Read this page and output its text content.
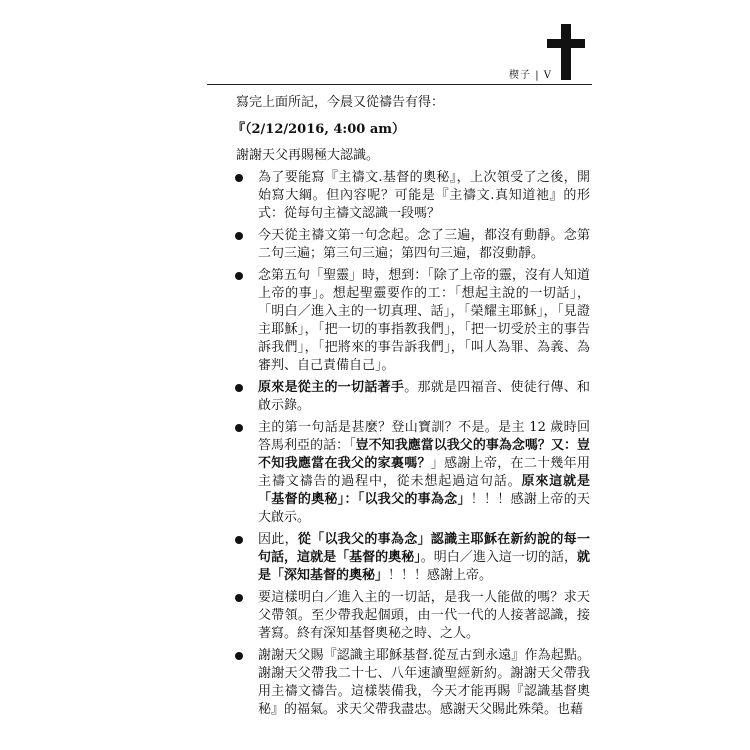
楔子 | V

寫完上面所記，今晨又從禱告有得：

『（2/12/2016, 4:00 am）

謝謝天父再賜極大認識。

為了要能寫『主禱文.基督的奧秘』，上次領受了之後，開始寫大綱。但內容呢？可能是『主禱文.真知道祂』的形式：從每句主禱文認識一段嗎？
今天從主禱文第一句念起。念了三遍，都沒有動靜。念第二句三遍；第三句三遍；第四句三遍，都沒動靜。
念第五句「聖靈」時，想到：「除了上帝的靈，沒有人知道上帝的事」。想起聖靈要作的工：「想起主說的一切話」，「明白／進入主的一切真理、話」，「榮耀主耶穌」，「見證主耶穌」，「把一切的事指教我們」，「把一切受於主的事告訴我們」，「把將來的事告訴我們」，「叫人為罪、為義、為審判、自己責備自己」。
原來是從主的一切話著手。那就是四福音、使徒行傳、和啟示錄。
主的第一句話是甚麼？登山寶訓？不是。是主 12 歲時回答馬利亞的話：「豈不知我應當以我父的事為念嗎？又：豈不知我應當在我父的家裏嗎？」感謝上帝，在二十幾年用主禱文禱告的過程中，從未想起過這句話。原來這就是「基督的奧秘」：「以我父的事為念」！！！感謝上帝的天大啟示。
因此，從「以我父的事為念」認識主耶穌在新約說的每一句話，這就是「基督的奧秘」。明白／進入這一切的話，就是「深知基督的奧秘」！！！感謝上帝。
要這樣明白／進入主的一切話，是我一人能做的嗎？求天父帶領。至少帶我起個頭，由一代一代的人接著認識，接著寫。終有深知基督奧秘之時、之人。
謝謝天父賜『認識主耶穌基督.從亙古到永遠』作為起點。謝謝天父帶我二十七、八年速讀聖經新約。謝謝天父帶我用主禱文禱告。這樣裝備我，今天才能再賜『認識基督奧秘』的福氣。求天父帶我盡忠。感謝天父賜此殊榮。也藉
